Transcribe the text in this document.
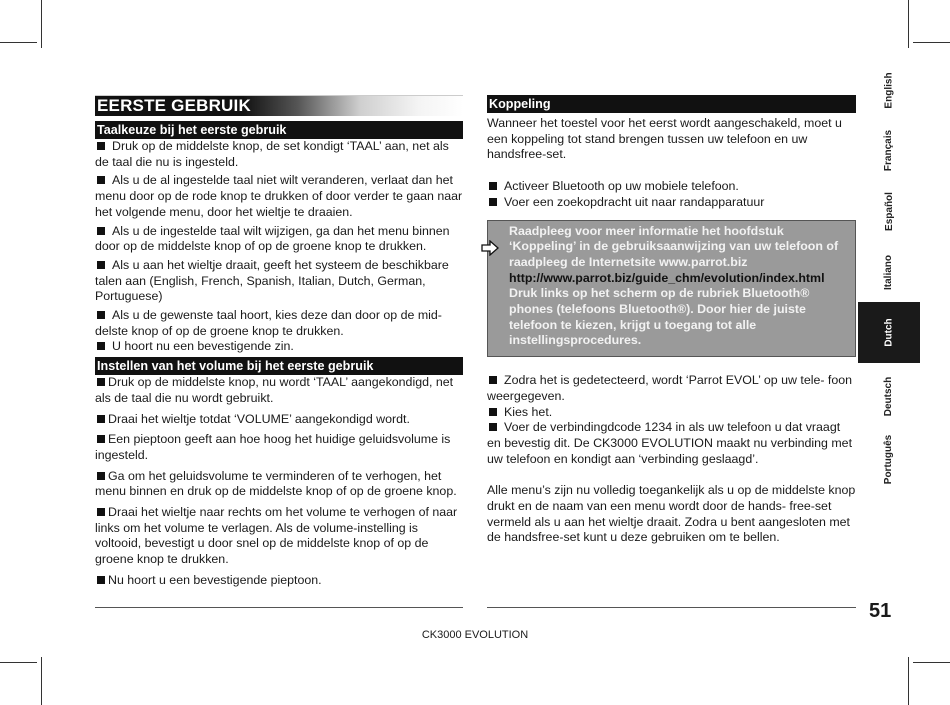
EERSTE GEBRUIK
Taalkeuze bij het eerste gebruik

Druk op de middelste knop, de set kondigt ‘TAAL’ aan, net als de taal die nu is ingesteld.

Als u de al ingestelde taal niet wilt veranderen, verlaat dan het menu door op de rode knop te drukken of door verder te gaan naar het volgende menu, door het wieltje te draaien.

Als u de ingestelde taal wilt wijzigen, ga dan het menu binnen door op de middelste knop of op de groene knop te drukken.

Als u aan het wieltje draait, geeft het systeem de beschikbare talen aan (English, French, Spanish, Italian, Dutch, German, Portuguese)

Als u de gewenste taal hoort, kies deze dan door op de mid- delste knop of op de groene knop te drukken.

U hoort nu een bevestigende zin.

Instellen van het volume bij het eerste gebruik

Druk op de middelste knop, nu wordt ‘TAAL’ aangekondigd, net als de taal die nu wordt gebruikt.

Draai het wieltje totdat ‘VOLUME’ aangekondigd wordt.

Een pieptoon geeft aan hoe hoog het huidige geluidsvolume is ingesteld.

Ga om het geluidsvolume te verminderen of te verhogen, het menu binnen en druk op de middelste knop of op de groene knop.

Draai het wieltje naar rechts om het volume te verhogen of naar links om het volume te verlagen. Als de volume-instelling is voltooid, bevestigt u door snel op de middelste knop of op de groene knop te drukken.

Nu hoort u een bevestigende pieptoon.

Koppeling

Wanneer het toestel voor het eerst wordt aangeschakeld, moet u een koppeling tot stand brengen tussen uw telefoon en uw handsfree-set.

Activeer Bluetooth op uw mobiele telefoon.

Voer een zoekopdracht uit naar randapparatuur

Raadpleeg voor meer informatie het hoofdstuk ‘Koppeling’ in de gebruiksaanwijzing van uw telefoon of raadpleeg de Internetsite www.parrot.biz
http://www.parrot.biz/guide_chm/evolution/index.html
Druk links op het scherm op de rubriek Bluetooth® phones (telefoons Bluetooth®). Door hier de juiste telefoon te kiezen, krijgt u toegang tot alle instellingsprocedures.

Zodra het is gedetecteerd, wordt ‘Parrot EVOL’ op uw tele- foon weergegeven.

Kies het.

Voer de verbindingdcode 1234 in als uw telefoon u dat vraagt en bevestig dit. De CK3000 EVOLUTION maakt nu verbinding met uw telefoon en kondigt aan ‘verbinding geslaagd’.

Alle menu’s zijn nu volledig toegankelijk als u op de middelste knop drukt en de naam van een menu wordt door de hands- free-set vermeld als u aan het wieltje draait. Zodra u bent aangesloten met de handsfree-set kunt u deze gebruiken om te bellen.

English
Français
Español
Italiano
Dutch
Deutsch
Português
51
CK3000 EVOLUTION
